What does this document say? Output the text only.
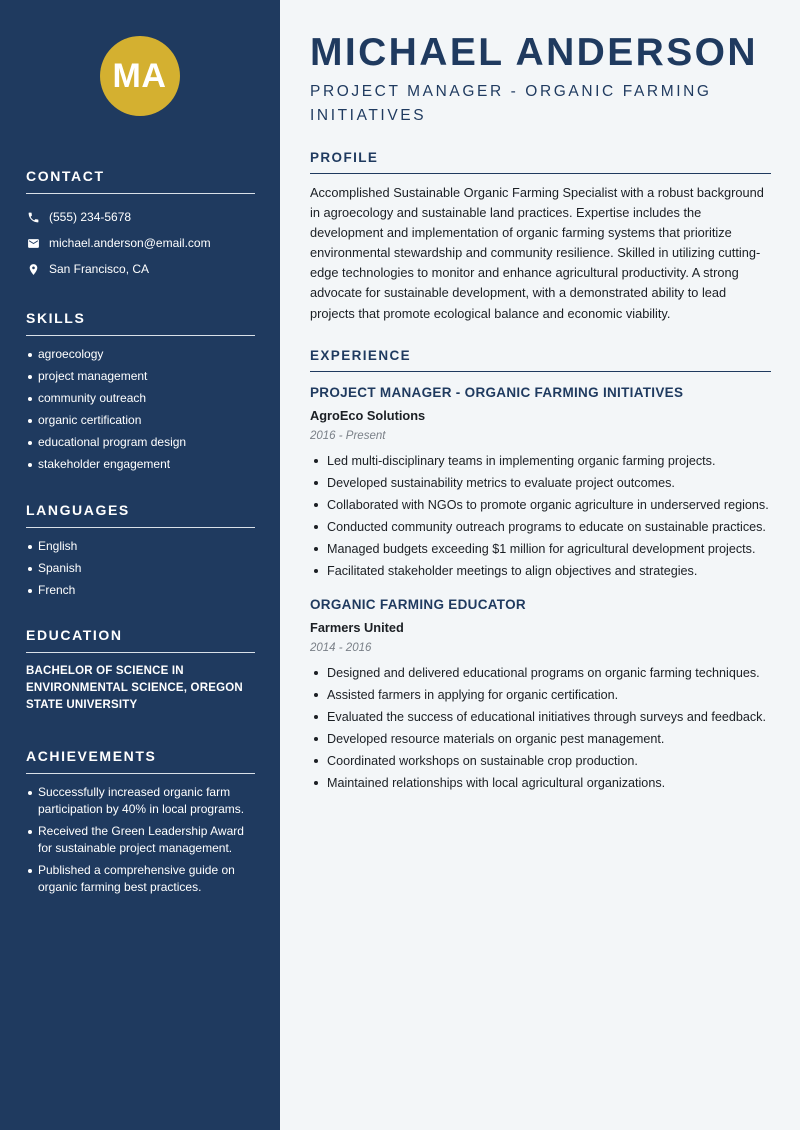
MA
CONTACT
(555) 234-5678
michael.anderson@email.com
San Francisco, CA
SKILLS
agroecology
project management
community outreach
organic certification
educational program design
stakeholder engagement
LANGUAGES
English
Spanish
French
EDUCATION
BACHELOR OF SCIENCE IN ENVIRONMENTAL SCIENCE, OREGON STATE UNIVERSITY
ACHIEVEMENTS
Successfully increased organic farm participation by 40% in local programs.
Received the Green Leadership Award for sustainable project management.
Published a comprehensive guide on organic farming best practices.
MICHAEL ANDERSON
PROJECT MANAGER - ORGANIC FARMING INITIATIVES
PROFILE

Accomplished Sustainable Organic Farming Specialist with a robust background in agroecology and sustainable land practices. Expertise includes the development and implementation of organic farming systems that prioritize environmental stewardship and community resilience. Skilled in utilizing cutting-edge technologies to monitor and enhance agricultural productivity. A strong advocate for sustainable development, with a demonstrated ability to lead projects that promote ecological balance and economic viability.

EXPERIENCE
PROJECT MANAGER - ORGANIC FARMING INITIATIVES
AgroEco Solutions
2016 - Present
Led multi-disciplinary teams in implementing organic farming projects.
Developed sustainability metrics to evaluate project outcomes.
Collaborated with NGOs to promote organic agriculture in underserved regions.
Conducted community outreach programs to educate on sustainable practices.
Managed budgets exceeding $1 million for agricultural development projects.
Facilitated stakeholder meetings to align objectives and strategies.
ORGANIC FARMING EDUCATOR
Farmers United
2014 - 2016
Designed and delivered educational programs on organic farming techniques.
Assisted farmers in applying for organic certification.
Evaluated the success of educational initiatives through surveys and feedback.
Developed resource materials on organic pest management.
Coordinated workshops on sustainable crop production.
Maintained relationships with local agricultural organizations.
